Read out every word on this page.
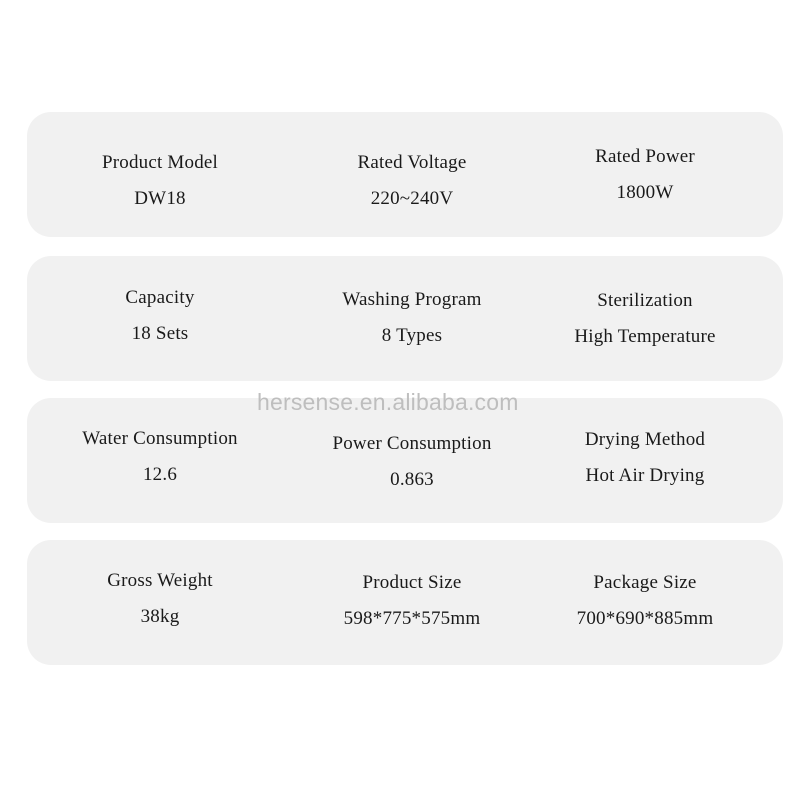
Product Model
DW18
Rated Voltage
220~240V
Rated Power
1800W
Capacity
18 Sets
Washing Program
8 Types
Sterilization
High Temperature
Water Consumption
12.6
Power Consumption
0.863
Drying Method
Hot Air Drying
Gross Weight
38kg
Product Size
598*775*575mm
Package Size
700*690*885mm
hersense.en.alibaba.com
